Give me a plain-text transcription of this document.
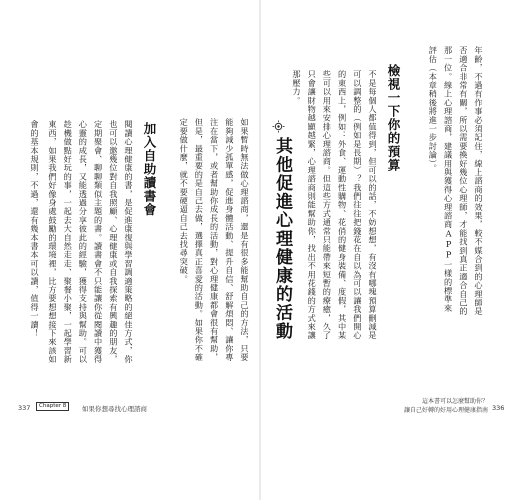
年齡，不過有作事必須記住，線上諮商的效果，較不媒合到的心理師是否適合非常有關，所以需要換好幾位心理師，才能找到真正適合自己的那一位。線上心理諮商，建議用與獲得心理諮商APP一樣的標準來評估（本章稍後將進一步討論）。

檢視一下你的預算

不是每個人都值得到，但可以的話，不妨想想，有沒有哪塊預算刪減是可以調整的（例如是長期）？我們往往把錢花在自以為可以讓我們開心的東西上，例如：外食、運動性購物、花俏的健身裝備、度假，其中某些可以用來安排心理諮商。但這些方式通常只能帶來短暫的療癒，久了只會讓財物越顯越緊，心理諮商則能幫助你，找出不用花錢的方式來讓那壓力。

其他促進心理健康的活動

如果暫時無法做心理諮商，還是有很多能幫助自己的方法，只要能夠減少孤單感，促進身體活動、提升自信、舒解煩悶、讓你專注在當下，或者幫助你成長的活動，對心理健康都會很有幫助，但是，最重要的是自己去做，選擇真正喜愛的活動。如果你不確定要做什麼，就不要硬逼自己去找尋突破。

加入自助讀書會

閱讀心理健康的書，是促進康復與學習調適策略的絕佳方式，你也可以邀幾位對自我照顧、心理健康或自我探索有興趣的朋友，定期聚會、聊聊類似主題的書。讀書會不只能讓你從閱讀中獲得心靈的成長，又能透過分享彼此的經驗，獲得支持與幫助。可以趁機做點好玩的事，一起去大自然走走、聚餐小聚，一起學習新東西，如果我們好像身處鼓勵的環境裡，比方要想想接下來該如

會的基本規則，不過，還有幾本書本可以讀，值得一讀！

337	Chapter 8	如果你想尋找心理諮商
這本書可以怎麼幫助你？
讓自己好轉的好用心理健康指南 336
